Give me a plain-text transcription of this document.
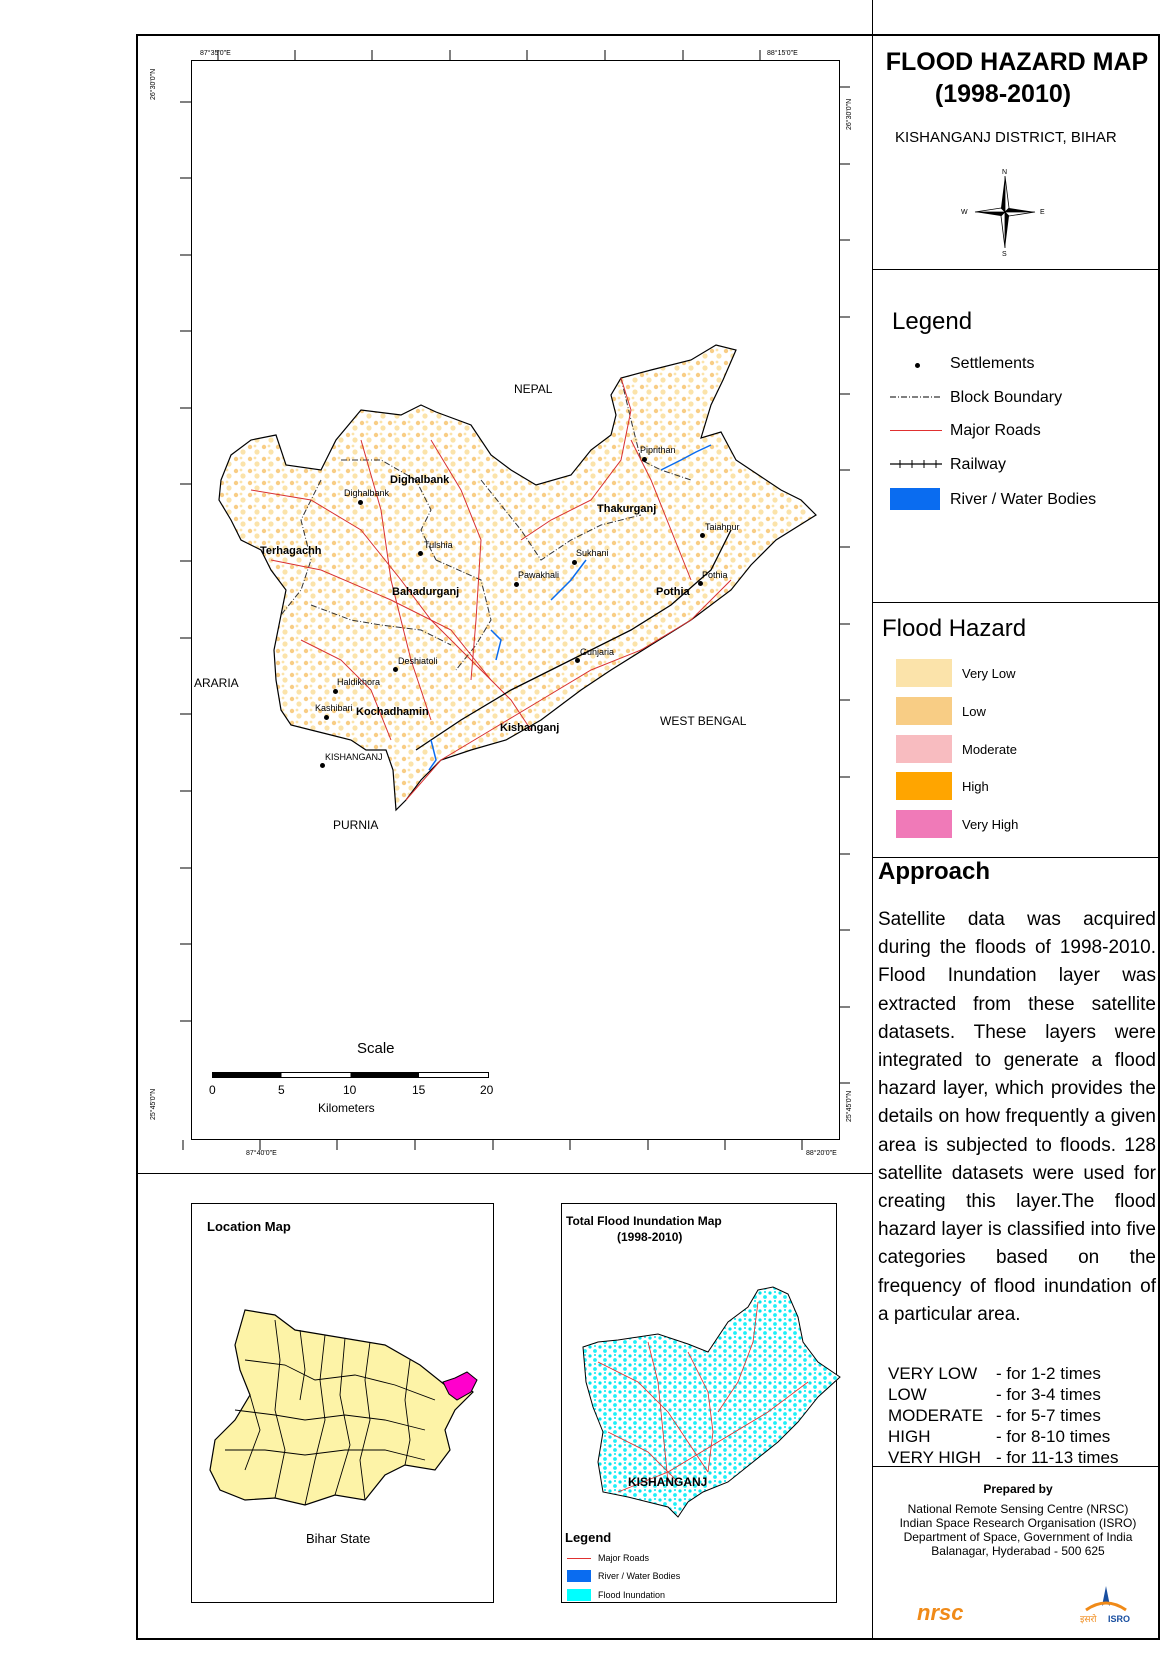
FLOOD HAZARD MAP
(1998-2010)
KISHANGANJ DISTRICT, BIHAR
N
S
W	E
Legend
Settlements
Block Boundary
Major Roads
Railway
River / Water Bodies
Flood Hazard
Very Low
Low
Moderate
High
Very High
Approach
Satellite data was acquired during the floods of 1998-2010. Flood Inundation layer was extracted from these satellite datasets. These layers were integrated to generate a flood hazard layer, which provides the details on how frequently a given area is subjected to floods. 128 satellite datasets were used for creating this layer.The flood hazard layer is classified into five categories based on the frequency of flood inundation of a particular area.
VERY LOW - for 1-2 times
LOW	- for 3-4 times
MODERATE - for 5-7 times
HIGH	- for 8-10 times
VERY HIGH - for 11-13 times
Prepared by
National Remote Sensing Centre (NRSC)
Indian Space Research Organisation (ISRO)
Department of Space, Government of India
Balanagar, Hyderabad - 500 625
nrsc	इसरो ISRO
87°35'0"E	88°15'0"E
87°40'0"E	88°20'0"E
26°30'0"N
25°45'0"N
26°30'0"N
25°45'0"N
NEPAL
ARARIA
WEST BENGAL
PURNIA
Dighalbank
Terhagachh
Bahadurganj
Thakurganj
Pothia
Kochadhamin
Kishanganj
Piprithan
Dighalbank
Taiahpur
Sukhani
Tulshia
Pawakhali	Pothia
Deshiatoli
Gunjaria
Haldikhora
Kashibari
KISHANGANJ
Scale
0	5	10	15	20
Kilometers
Location Map
Bihar State
Total Flood Inundation Map
(1998-2010)
KISHANGANJ
Legend
Major Roads
River / Water Bodies
Flood Inundation
